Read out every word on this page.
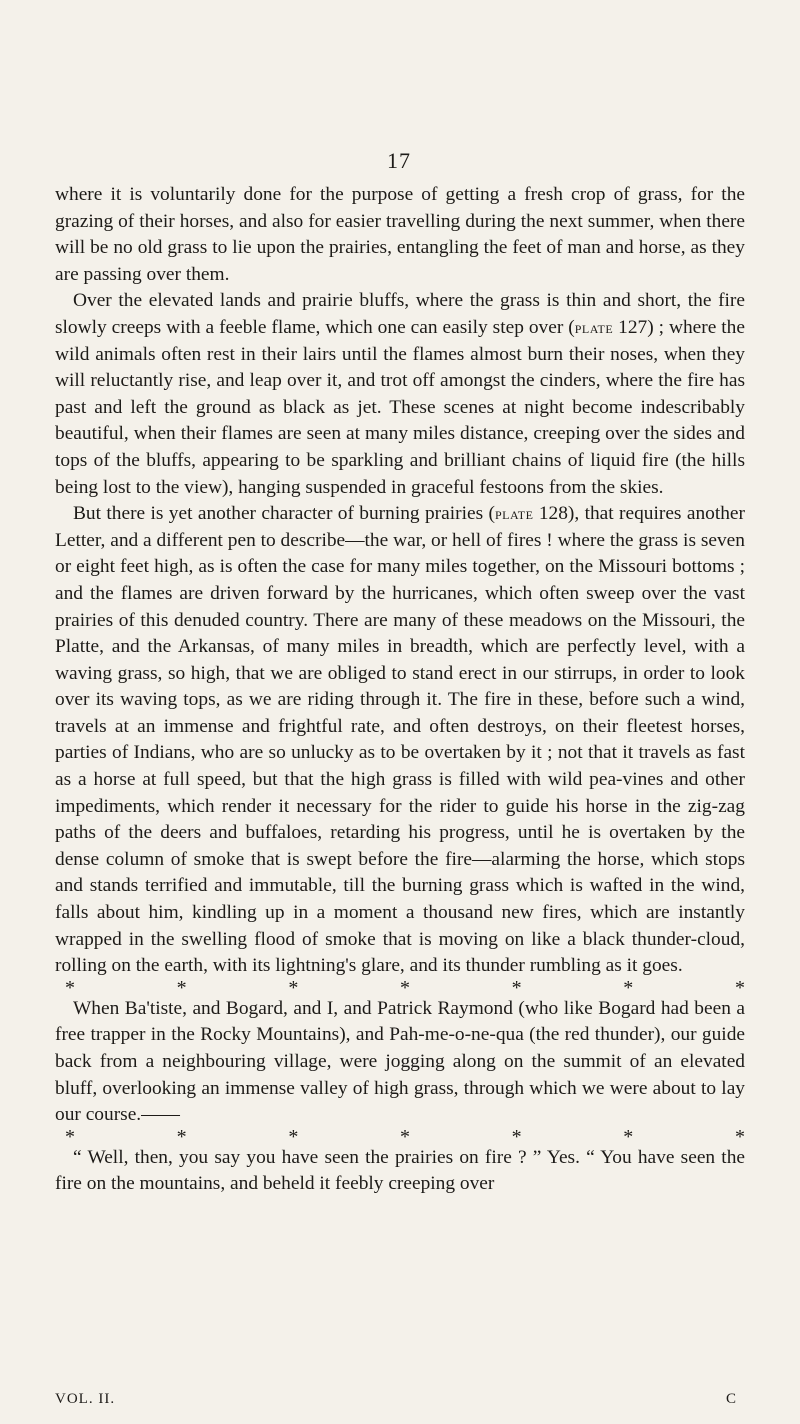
17

where it is voluntarily done for the purpose of getting a fresh crop of grass, for the grazing of their horses, and also for easier travelling during the next summer, when there will be no old grass to lie upon the prairies, entangling the feet of man and horse, as they are passing over them.

Over the elevated lands and prairie bluffs, where the grass is thin and short, the fire slowly creeps with a feeble flame, which one can easily step over (plate 127) ; where the wild animals often rest in their lairs until the flames almost burn their noses, when they will reluctantly rise, and leap over it, and trot off amongst the cinders, where the fire has past and left the ground as black as jet. These scenes at night become indescribably beautiful, when their flames are seen at many miles distance, creeping over the sides and tops of the bluffs, appearing to be sparkling and brilliant chains of liquid fire (the hills being lost to the view), hanging suspended in graceful festoons from the skies.

But there is yet another character of burning prairies (plate 128), that requires another Letter, and a different pen to describe—the war, or hell of fires ! where the grass is seven or eight feet high, as is often the case for many miles together, on the Missouri bottoms ; and the flames are driven forward by the hurricanes, which often sweep over the vast prairies of this denuded country. There are many of these meadows on the Missouri, the Platte, and the Arkansas, of many miles in breadth, which are perfectly level, with a waving grass, so high, that we are obliged to stand erect in our stirrups, in order to look over its waving tops, as we are riding through it. The fire in these, before such a wind, travels at an immense and frightful rate, and often destroys, on their fleetest horses, parties of Indians, who are so unlucky as to be overtaken by it ; not that it travels as fast as a horse at full speed, but that the high grass is filled with wild pea-vines and other impediments, which render it necessary for the rider to guide his horse in the zig-zag paths of the deers and buffaloes, retarding his progress, until he is overtaken by the dense column of smoke that is swept before the fire—alarming the horse, which stops and stands terrified and immutable, till the burning grass which is wafted in the wind, falls about him, kindling up in a moment a thousand new fires, which are instantly wrapped in the swelling flood of smoke that is moving on like a black thunder-cloud, rolling on the earth, with its lightning's glare, and its thunder rumbling as it goes.

*	*	*	*	*	*	*

When Ba'tiste, and Bogard, and I, and Patrick Raymond (who like Bogard had been a free trapper in the Rocky Mountains), and Pah-me-o-ne-qua (the red thunder), our guide back from a neighbouring village, were jogging along on the summit of an elevated bluff, overlooking an immense valley of high grass, through which we were about to lay our course.——

*	*	*	*	*	*	*

“ Well, then, you say you have seen the prairies on fire ? ” Yes. “ You have seen the fire on the mountains, and beheld it feebly creeping over

VOL. II.	C
